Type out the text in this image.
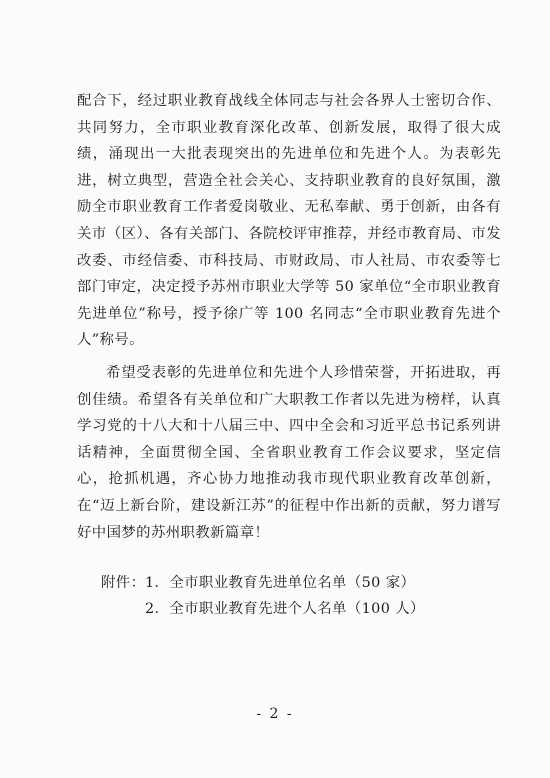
配合下，经过职业教育战线全体同志与社会各界人士密切合作、共同努力，全市职业教育深化改革、创新发展，取得了很大成绩，涌现出一大批表现突出的先进单位和先进个人。为表彰先进，树立典型，营造全社会关心、支持职业教育的良好氛围，激励全市职业教育工作者爱岗敬业、无私奉献、勇于创新，由各有关市（区）、各有关部门、各院校评审推荐，并经市教育局、市发改委、市经信委、市科技局、市财政局、市人社局、市农委等七部门审定，决定授予苏州市职业大学等 50 家单位“全市职业教育先进单位”称号，授予徐广等 100 名同志“全市职业教育先进个人”称号。

希望受表彰的先进单位和先进个人珍惜荣誉，开拓进取，再创佳绩。希望各有关单位和广大职教工作者以先进为榜样，认真学习党的十八大和十八届三中、四中全会和习近平总书记系列讲话精神，全面贯彻全国、全省职业教育工作会议要求，坚定信心，抢抓机遇，齐心协力地推动我市现代职业教育改革创新，在“迈上新台阶，建设新江苏”的征程中作出新的贡献，努力谱写好中国梦的苏州职教新篇章！

附件： 1．全市职业教育先进单位名单（50 家）
2．全市职业教育先进个人名单（100 人）
- 2 -
